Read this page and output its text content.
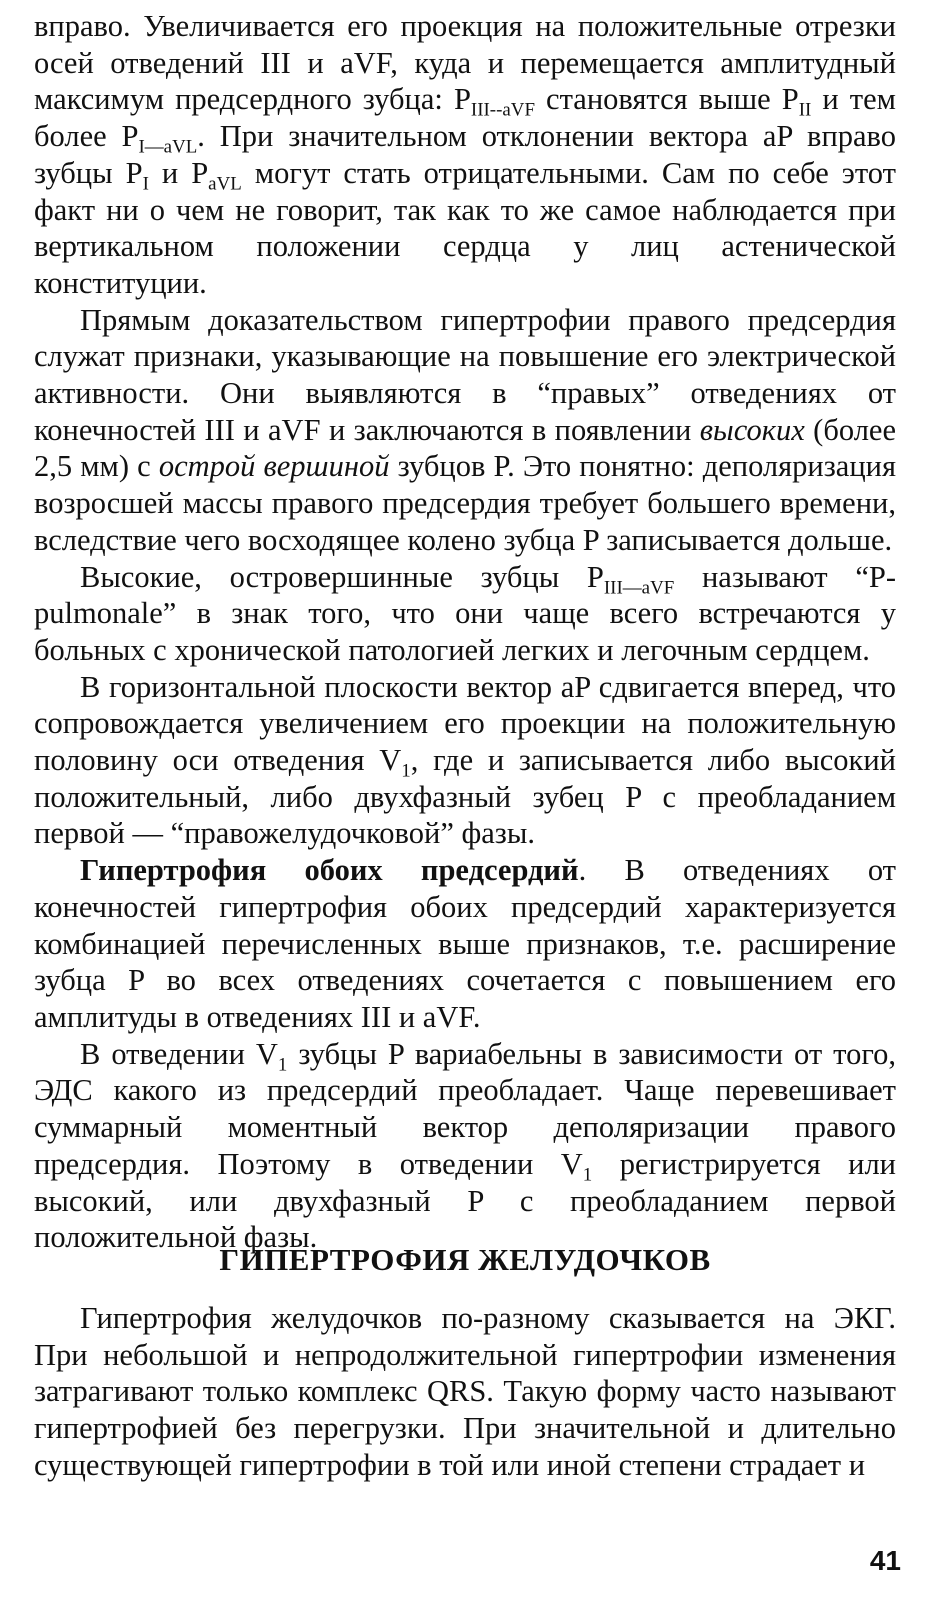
вправо. Увеличивается его проекция на положительные отрезки осей отведений III и aVF, куда и перемещается амплитудный максимум предсердного зубца: $P_{III--aVF}$ становятся выше $P_{II}$ и тем более $P_{I—aVL}$. При значительном отклонении вектора aP вправо зубцы $P_I$ и $P_{aVL}$ могут стать отрицательными. Сам по себе этот факт ни о чем не говорит, так как то же самое наблюдается при вертикальном положении сердца у лиц астенической конституции.

Прямым доказательством гипертрофии правого предсердия служат признаки, указывающие на повышение его электрической активности. Они выявляются в “правых” отведениях от конечностей III и aVF и заключаются в появлении высоких (более 2,5 мм) с острой вершиной зубцов P. Это понятно: деполяризация возросшей массы правого предсердия требует большего времени, вследствие чего восходящее колено зубца P записывается дольше.

Высокие, островершинные зубцы $P_{III—aVF}$ называют “P-pulmonale” в знак того, что они чаще всего встречаются у больных с хронической патологией легких и легочным сердцем.

В горизонтальной плоскости вектор aP сдвигается вперед, что сопровождается увеличением его проекции на положительную половину оси отведения $V_1$, где и записывается либо высокий положительный, либо двухфазный зубец P с преобладанием первой — “правожелудочковой” фазы.

Гипертрофия обоих предсердий. В отведениях от конечностей гипертрофия обоих предсердий характеризуется комбинацией перечисленных выше признаков, т.е. расширение зубца P во всех отведениях сочетается с повышением его амплитуды в отведениях III и aVF.

В отведении $V_1$ зубцы P вариабельны в зависимости от того, ЭДС какого из предсердий преобладает. Чаще перевешивает суммарный моментный вектор деполяризации правого предсердия. Поэтому в отведении $V_1$ регистрируется или высокий, или двухфазный P с преобладанием первой положительной фазы.

ГИПЕРТРОФИЯ ЖЕЛУДОЧКОВ

Гипертрофия желудочков по-разному сказывается на ЭКГ. При небольшой и непродолжительной гипертрофии изменения затрагивают только комплекс QRS. Такую форму часто называют гипертрофией без перегрузки. При значительной и длительно существующей гипертрофии в той или иной степени страдает и

41
